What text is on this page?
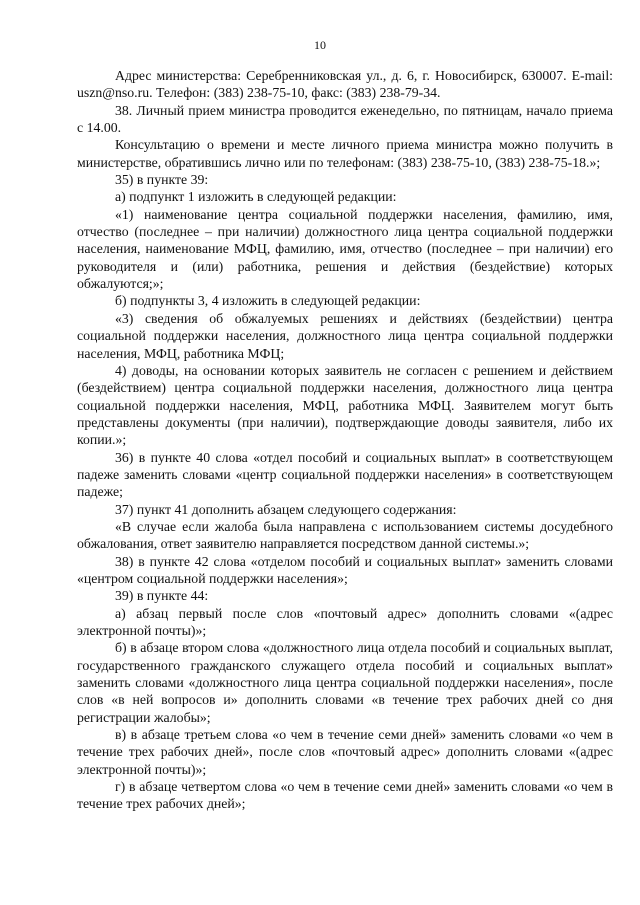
10

Адрес министерства: Серебренниковская ул., д. 6, г. Новосибирск, 630007. E-mail: uszn@nso.ru. Телефон: (383) 238-75-10, факс: (383) 238-79-34.

38. Личный прием министра проводится еженедельно, по пятницам, начало приема с 14.00.

Консультацию о времени и месте личного приема министра можно получить в министерстве, обратившись лично или по телефонам: (383) 238-75-10, (383) 238-75-18.»;

35) в пункте 39:

а) подпункт 1 изложить в следующей редакции:

«1) наименование центра социальной поддержки населения, фамилию, имя, отчество (последнее – при наличии) должностного лица центра социальной поддержки населения, наименование МФЦ, фамилию, имя, отчество (последнее – при наличии) его руководителя и (или) работника, решения и действия (бездействие) которых обжалуются;»;

б) подпункты 3, 4 изложить в следующей редакции:

«3) сведения об обжалуемых решениях и действиях (бездействии) центра социальной поддержки населения, должностного лица центра социальной поддержки населения, МФЦ, работника МФЦ;

4) доводы, на основании которых заявитель не согласен с решением и действием (бездействием) центра социальной поддержки населения, должностного лица центра социальной поддержки населения, МФЦ, работника МФЦ. Заявителем могут быть представлены документы (при наличии), подтверждающие доводы заявителя, либо их копии.»;

36) в пункте 40 слова «отдел пособий и социальных выплат» в соответствующем падеже заменить словами «центр социальной поддержки населения» в соответствующем падеже;

37) пункт 41 дополнить абзацем следующего содержания:

«В случае если жалоба была направлена с использованием системы досудебного обжалования, ответ заявителю направляется посредством данной системы.»;

38) в пункте 42 слова «отделом пособий и социальных выплат» заменить словами «центром социальной поддержки населения»;

39) в пункте 44:

а) абзац первый после слов «почтовый адрес» дополнить словами «(адрес электронной почты)»;

б) в абзаце втором слова «должностного лица отдела пособий и социальных выплат, государственного гражданского служащего отдела пособий и социальных выплат» заменить словами «должностного лица центра социальной поддержки населения», после слов «в ней вопросов и» дополнить словами «в течение трех рабочих дней со дня регистрации жалобы»;

в) в абзаце третьем слова «о чем в течение семи дней» заменить словами «о чем в течение трех рабочих дней», после слов «почтовый адрес» дополнить словами «(адрес электронной почты)»;

г) в абзаце четвертом слова «о чем в течение семи дней» заменить словами «о чем в течение трех рабочих дней»;
